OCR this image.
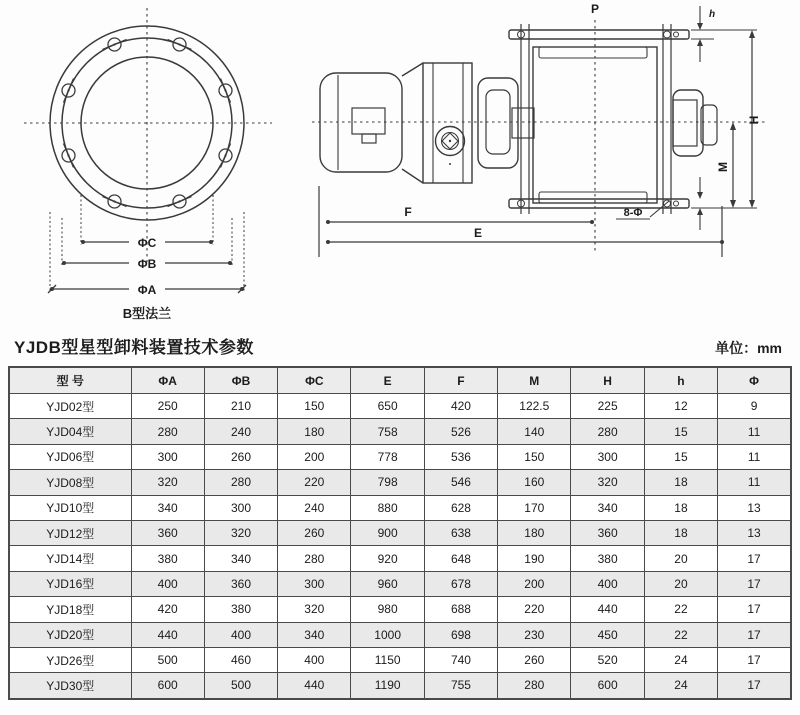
ΦC
ΦB
ΦA
B型法兰
h
H
M
P
8-Φ
F
E
YJDB型星型卸料装置技术参数	单位：mm
型 号	ΦA	ΦB	ΦC	E	F	M	H	h	Φ
YJD02型	250	210	150	650	420	122.5	225	12	9
YJD04型	280	240	180	758	526	140	280	15	11
YJD06型	300	260	200	778	536	150	300	15	11
YJD08型	320	280	220	798	546	160	320	18	11
YJD10型	340	300	240	880	628	170	340	18	13
YJD12型	360	320	260	900	638	180	360	18	13
YJD14型	380	340	280	920	648	190	380	20	17
YJD16型	400	360	300	960	678	200	400	20	17
YJD18型	420	380	320	980	688	220	440	22	17
YJD20型	440	400	340	1000	698	230	450	22	17
YJD26型	500	460	400	1150	740	260	520	24	17
YJD30型	600	500	440	1190	755	280	600	24	17
